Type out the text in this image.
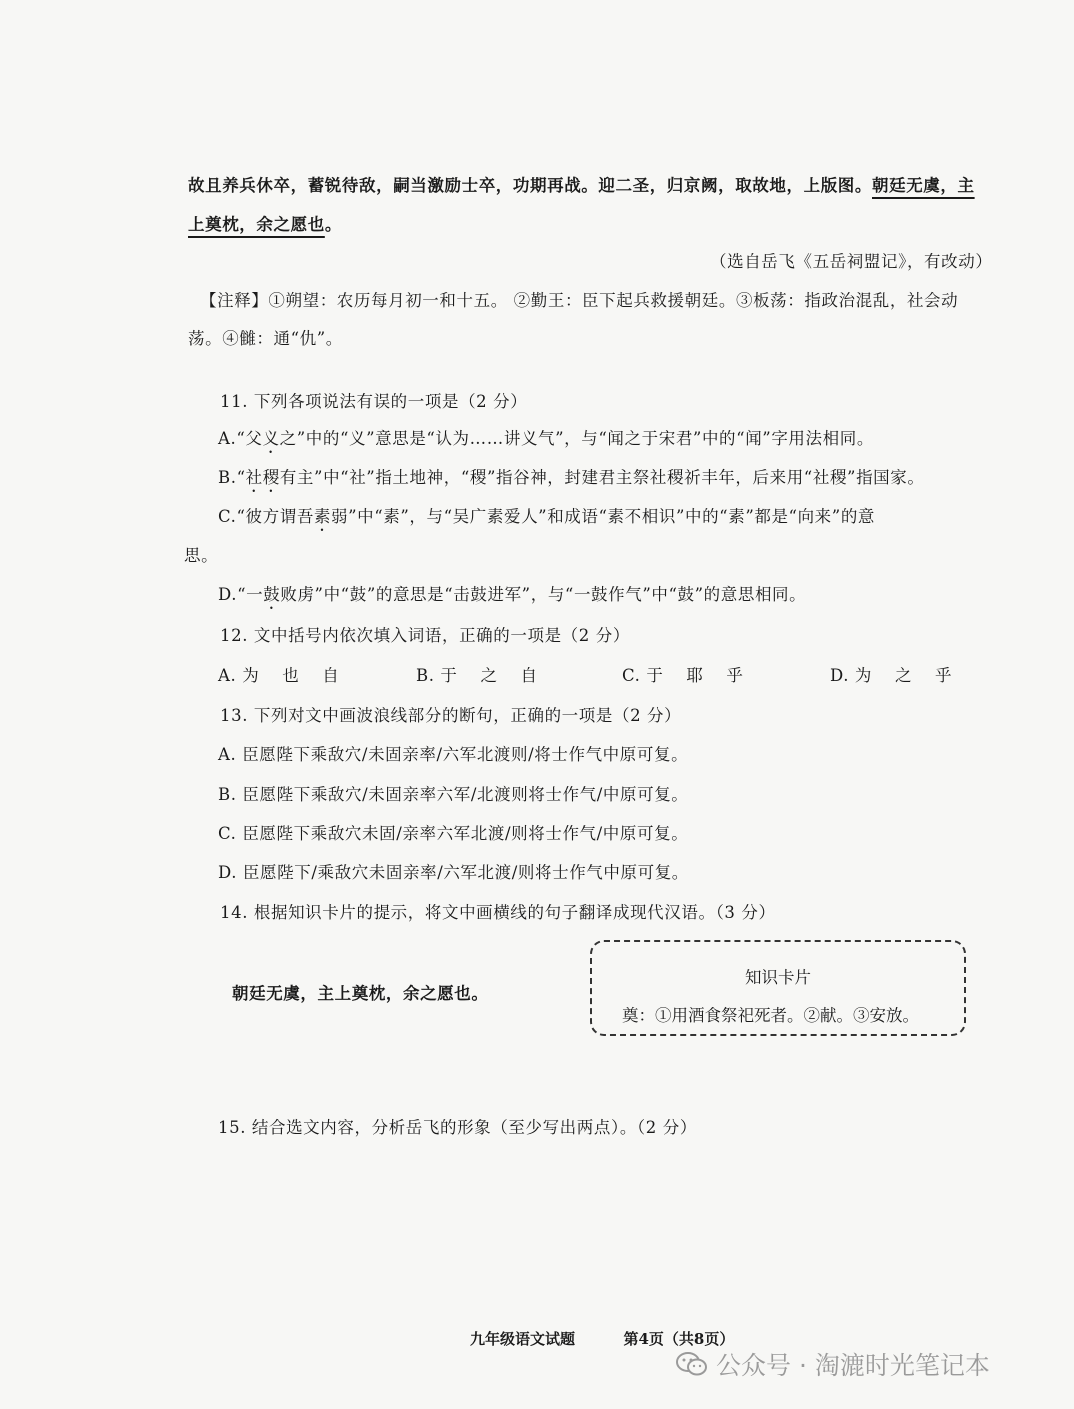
故且养兵休卒，蓄锐待敌，嗣当激励士卒，功期再战。迎二圣，归京阙，取故地，上版图。朝廷无虞，主
上奠枕，余之愿也。
（选自岳飞《五岳祠盟记》，有改动）
【注释】①朔望：农历每月初一和十五。 ②勤王：臣下起兵救援朝廷。③板荡：指政治混乱，社会动
荡。④雠：通“仇”。
11. 下列各项说法有误的一项是（2 分）
A.“父义之”中的“义”意思是“认为……讲义气”，与“闻之于宋君”中的“闻”字用法相同。
B.“社稷有主”中“社”指土地神，“稷”指谷神，封建君主祭社稷祈丰年，后来用“社稷”指国家。
C.“彼方谓吾素弱”中“素”，与“吴广素爱人”和成语“素不相识”中的“素”都是“向来”的意
思。
D.“一鼓败虏”中“鼓”的意思是“击鼓进军”，与“一鼓作气”中“鼓”的意思相同。
12. 文中括号内依次填入词语，正确的一项是（2 分）
A. 为　 也　 自	B. 于　 之　 自	C. 于　 耶　 乎	D. 为　 之　 乎
13. 下列对文中画波浪线部分的断句，正确的一项是（2 分）
A. 臣愿陛下乘敌穴/未固亲率/六军北渡则/将士作气中原可复。
B. 臣愿陛下乘敌穴/未固亲率六军/北渡则将士作气/中原可复。
C. 臣愿陛下乘敌穴未固/亲率六军北渡/则将士作气/中原可复。
D. 臣愿陛下/乘敌穴未固亲率/六军北渡/则将士作气中原可复。
14. 根据知识卡片的提示，将文中画横线的句子翻译成现代汉语。（3 分）
朝廷无虞，主上奠枕，余之愿也。
知识卡片
奠：①用酒食祭祀死者。②献。③安放。
15. 结合选文内容，分析岳飞的形象（至少写出两点）。（2 分）
九年级语文试题	第4页（共8页）
公众号 · 淘漉时光笔记本
